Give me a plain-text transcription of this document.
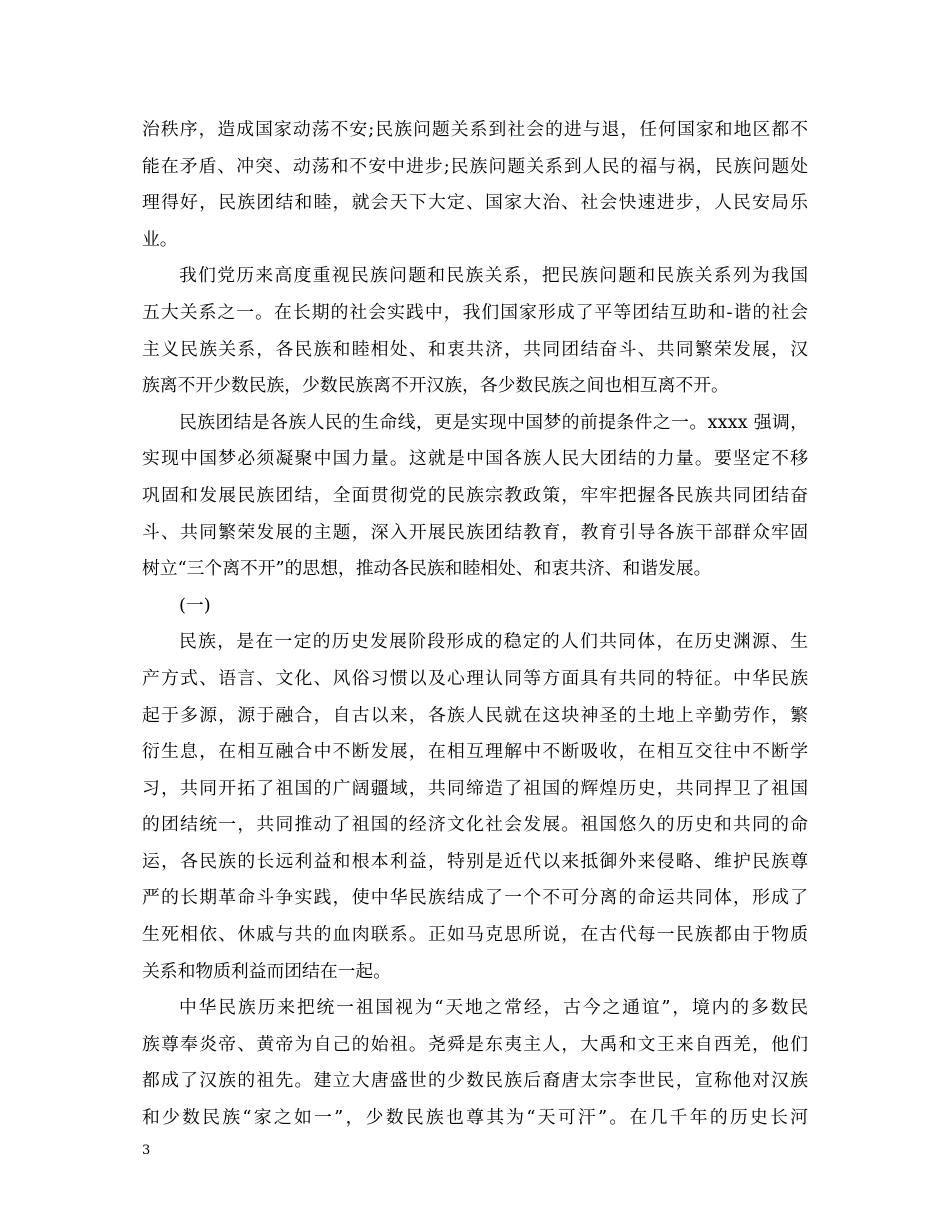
治秩序，造成国家动荡不安;民族问题关系到社会的进与退，任何国家和地区都不
能在矛盾、冲突、动荡和不安中进步;民族问题关系到人民的福与祸，民族问题处
理得好，民族团结和睦，就会天下大定、国家大治、社会快速进步，人民安局乐
业。
我们党历来高度重视民族问题和民族关系，把民族问题和民族关系列为我国
五大关系之一。在长期的社会实践中，我们国家形成了平等团结互助和-谐的社会
主义民族关系，各民族和睦相处、和衷共济，共同团结奋斗、共同繁荣发展，汉
族离不开少数民族，少数民族离不开汉族，各少数民族之间也相互离不开。
民族团结是各族人民的生命线，更是实现中国梦的前提条件之一。xxxx 强调，
实现中国梦必须凝聚中国力量。这就是中国各族人民大团结的力量。要坚定不移
巩固和发展民族团结，全面贯彻党的民族宗教政策，牢牢把握各民族共同团结奋
斗、共同繁荣发展的主题，深入开展民族团结教育，教育引导各族干部群众牢固
树立“三个离不开”的思想，推动各民族和睦相处、和衷共济、和谐发展。
(一)
民族，是在一定的历史发展阶段形成的稳定的人们共同体，在历史渊源、生
产方式、语言、文化、风俗习惯以及心理认同等方面具有共同的特征。中华民族
起于多源，源于融合，自古以来，各族人民就在这块神圣的土地上辛勤劳作，繁
衍生息，在相互融合中不断发展，在相互理解中不断吸收，在相互交往中不断学
习，共同开拓了祖国的广阔疆域，共同缔造了祖国的辉煌历史，共同捍卫了祖国
的团结统一，共同推动了祖国的经济文化社会发展。祖国悠久的历史和共同的命
运，各民族的长远利益和根本利益，特别是近代以来抵御外来侵略、维护民族尊
严的长期革命斗争实践，使中华民族结成了一个不可分离的命运共同体，形成了
生死相依、休戚与共的血肉联系。正如马克思所说，在古代每一民族都由于物质
关系和物质利益而团结在一起。
中华民族历来把统一祖国视为“天地之常经，古今之通谊”，境内的多数民
族尊奉炎帝、黄帝为自己的始祖。尧舜是东夷主人，大禹和文王来自西羌，他们
都成了汉族的祖先。建立大唐盛世的少数民族后裔唐太宗李世民，宣称他对汉族
和少数民族“家之如一”，少数民族也尊其为“天可汗”。在几千年的历史长河
3
